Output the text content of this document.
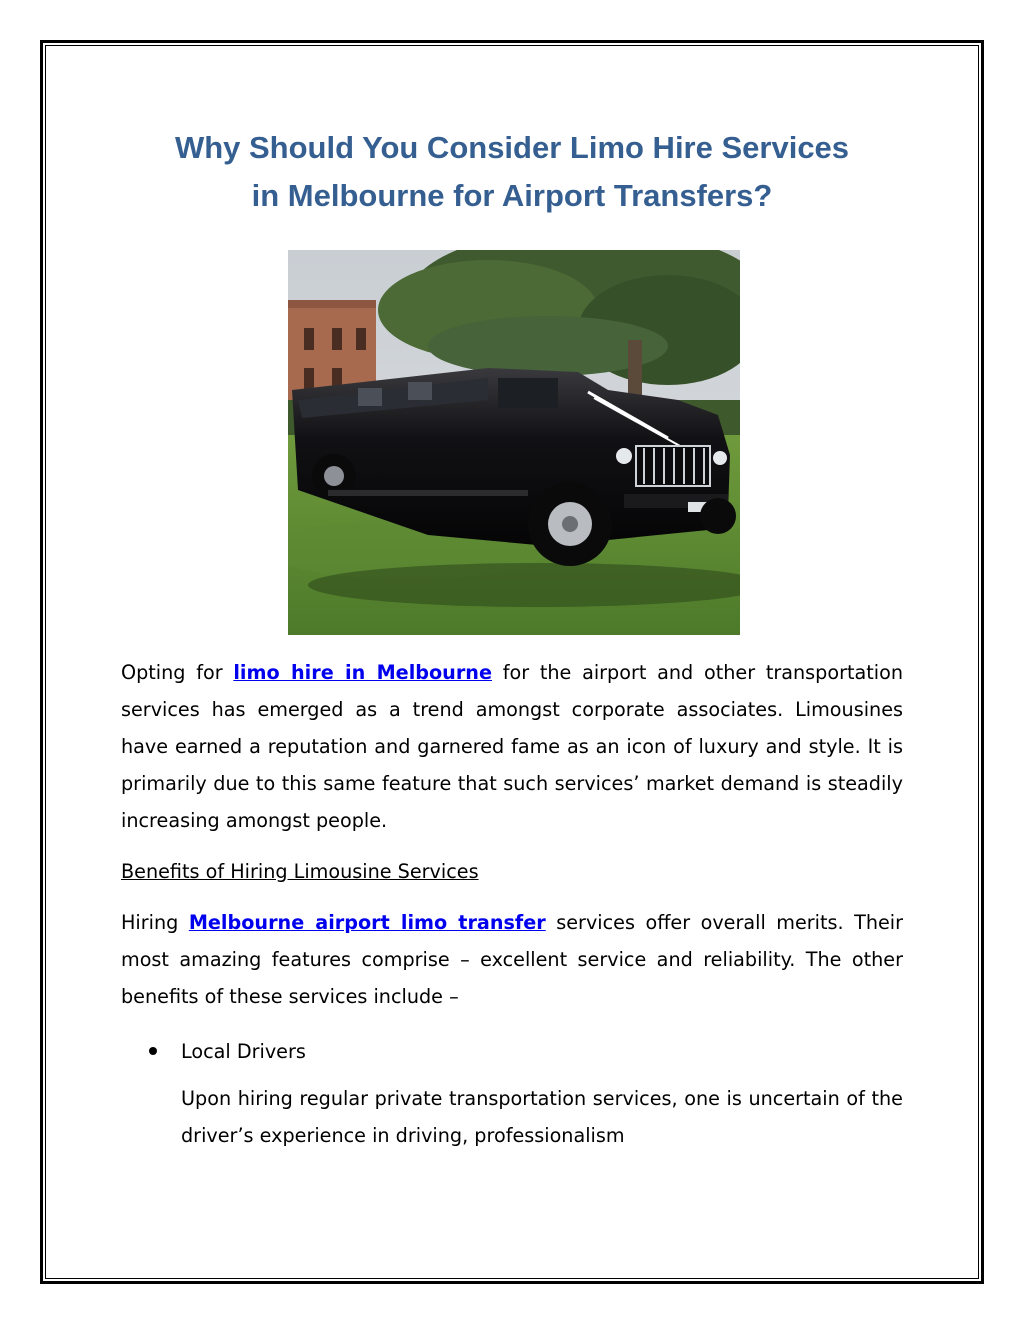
Why Should You Consider Limo Hire Services
in Melbourne for Airport Transfers?

Opting for limo hire in Melbourne for the airport and other transportation services has emerged as a trend amongst corporate associates. Limousines have earned a reputation and garnered fame as an icon of luxury and style. It is primarily due to this same feature that such services’ market demand is steadily increasing amongst people.

Benefits of Hiring Limousine Services

Hiring Melbourne airport limo transfer services offer overall merits. Their most amazing features comprise – excellent service and reliability. The other benefits of these services include –

Local Drivers

Upon hiring regular private transportation services, one is uncertain of the driver’s experience in driving, professionalism
